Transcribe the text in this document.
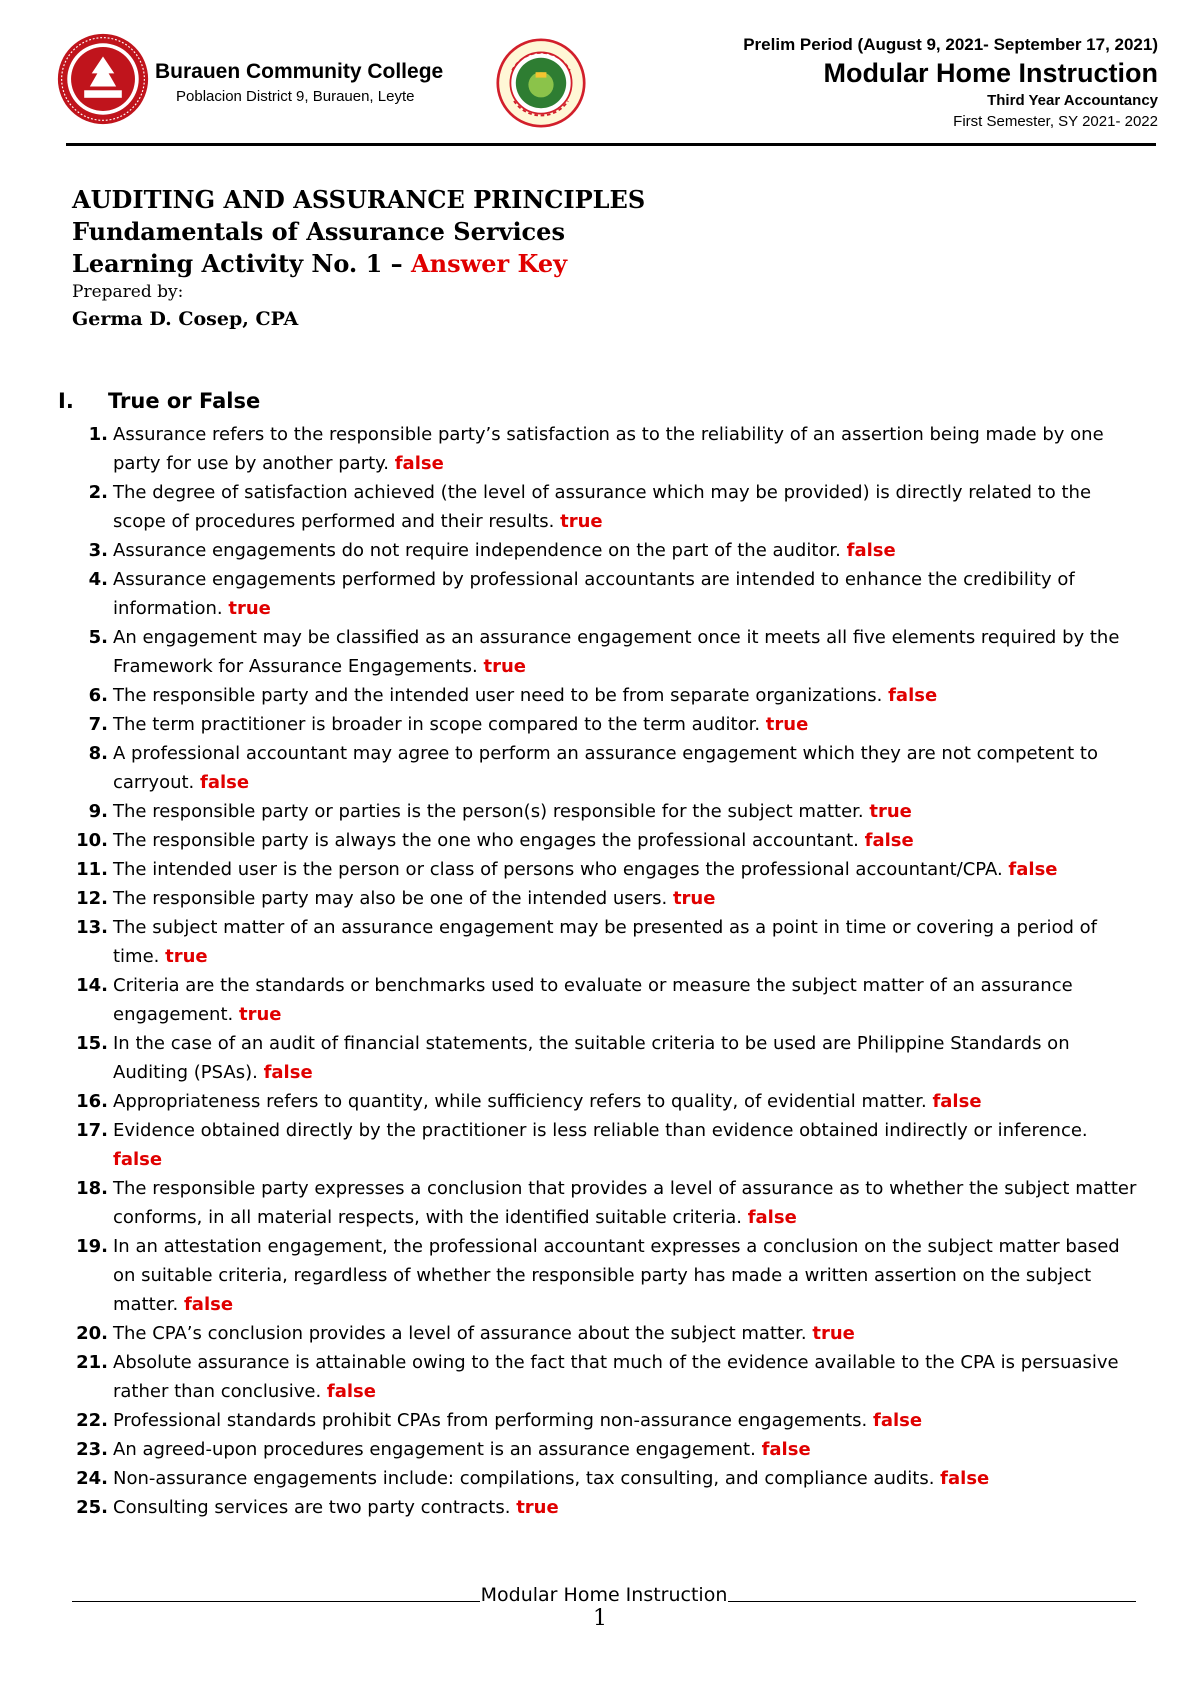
Burauen Community College
Poblacion District 9, Burauen, Leyte
Prelim Period (August 9, 2021- September 17, 2021)
Modular Home Instruction
Third Year Accountancy
First Semester, SY 2021- 2022
AUDITING AND ASSURANCE PRINCIPLES
Fundamentals of Assurance Services
Learning Activity No. 1 – Answer Key
Prepared by:
Germa D. Cosep, CPA
I.	True or False
1. Assurance refers to the responsible party’s satisfaction as to the reliability of an assertion being made by one party for use by another party. false
2. The degree of satisfaction achieved (the level of assurance which may be provided) is directly related to the scope of procedures performed and their results. true
3. Assurance engagements do not require independence on the part of the auditor. false
4. Assurance engagements performed by professional accountants are intended to enhance the credibility of information. true
5. An engagement may be classified as an assurance engagement once it meets all five elements required by the Framework for Assurance Engagements. true
6. The responsible party and the intended user need to be from separate organizations. false
7. The term practitioner is broader in scope compared to the term auditor. true
8. A professional accountant may agree to perform an assurance engagement which they are not competent to carryout. false
9. The responsible party or parties is the person(s) responsible for the subject matter. true
10. The responsible party is always the one who engages the professional accountant. false
11. The intended user is the person or class of persons who engages the professional accountant/CPA. false
12. The responsible party may also be one of the intended users. true
13. The subject matter of an assurance engagement may be presented as a point in time or covering a period of time. true
14. Criteria are the standards or benchmarks used to evaluate or measure the subject matter of an assurance engagement. true
15. In the case of an audit of financial statements, the suitable criteria to be used are Philippine Standards on Auditing (PSAs). false
16. Appropriateness refers to quantity, while sufficiency refers to quality, of evidential matter. false
17. Evidence obtained directly by the practitioner is less reliable than evidence obtained indirectly or inference. false
18. The responsible party expresses a conclusion that provides a level of assurance as to whether the subject matter conforms, in all material respects, with the identified suitable criteria. false
19. In an attestation engagement, the professional accountant expresses a conclusion on the subject matter based on suitable criteria, regardless of whether the responsible party has made a written assertion on the subject matter. false
20. The CPA’s conclusion provides a level of assurance about the subject matter. true
21. Absolute assurance is attainable owing to the fact that much of the evidence available to the CPA is persuasive rather than conclusive. false
22. Professional standards prohibit CPAs from performing non-assurance engagements. false
23. An agreed-upon procedures engagement is an assurance engagement. false
24. Non-assurance engagements include: compilations, tax consulting, and compliance audits. false
25. Consulting services are two party contracts. true
Modular Home Instruction
1
